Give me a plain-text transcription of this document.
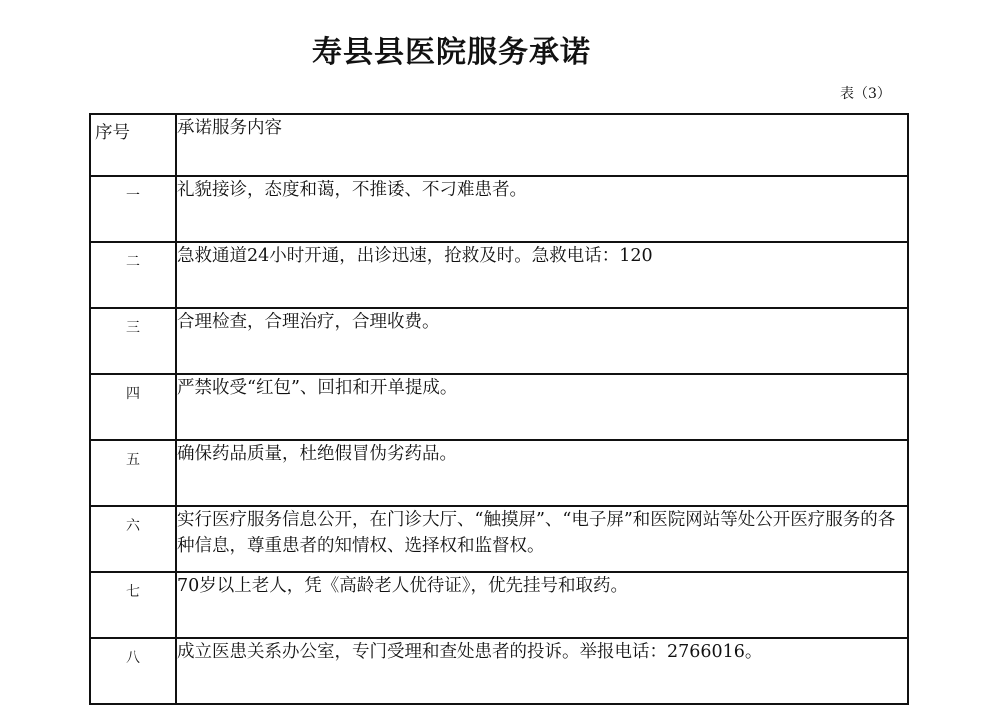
寿县县医院服务承诺
表（3）
序号	承诺服务内容
一	礼貌接诊，态度和蔼，不推诿、不刁难患者。
二	急救通道24小时开通，出诊迅速，抢救及时。急救电话：120
三	合理检查，合理治疗，合理收费。
四	严禁收受“红包”、回扣和开单提成。
五	确保药品质量，杜绝假冒伪劣药品。
六	实行医疗服务信息公开，在门诊大厅、“触摸屏”、“电子屏”和医院网站等处公开医疗服务的各种信息，尊重患者的知情权、选择权和监督权。
七	70岁以上老人，凭《高龄老人优待证》，优先挂号和取药。
八	成立医患关系办公室，专门受理和查处患者的投诉。举报电话：2766016。
